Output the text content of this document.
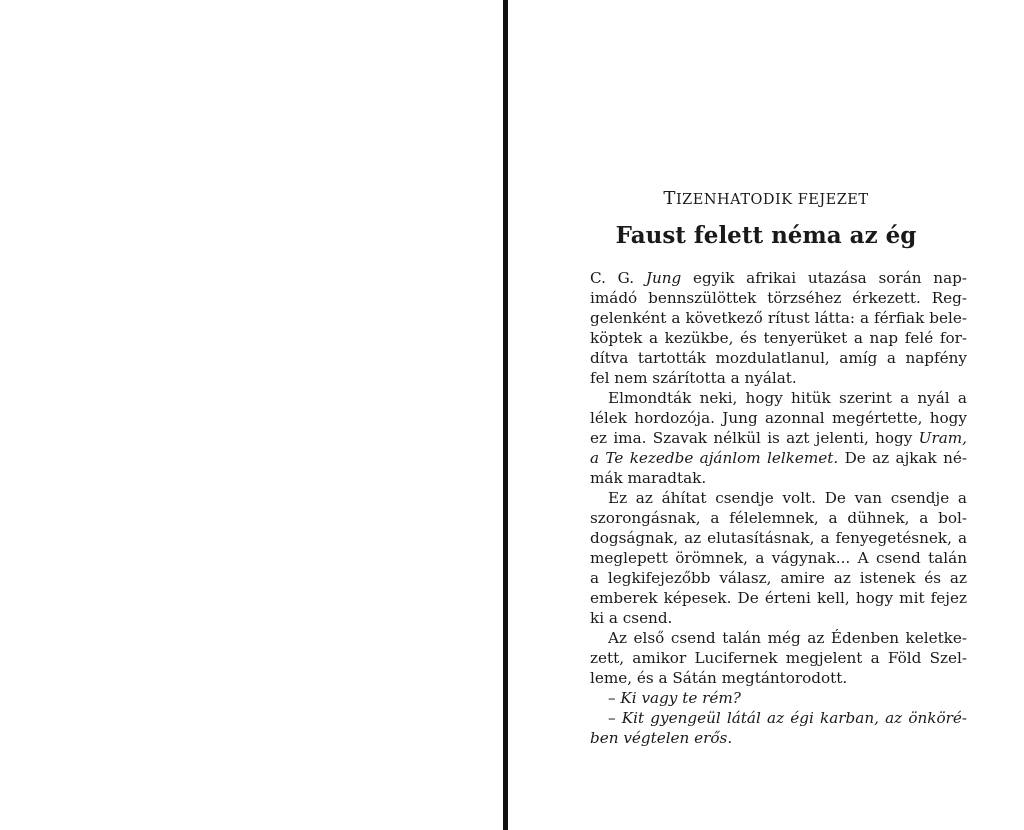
TIZENHATODIK FEJEZET
Faust felett néma az ég
C. G. Jung egyik afrikai utazása során nap-
imádó bennszülöttek törzséhez érkezett. Reg-
gelenként a következő rítust látta: a férfiak bele-
köptek a kezükbe, és tenyerüket a nap felé for-
dítva tartották mozdulatlanul, amíg a napfény
fel nem szárította a nyálat.
Elmondták neki, hogy hitük szerint a nyál a
lélek hordozója. Jung azonnal megértette, hogy
ez ima. Szavak nélkül is azt jelenti, hogy Uram,
a Te kezedbe ajánlom lelkemet. De az ajkak né-
mák maradtak.
Ez az áhítat csendje volt. De van csendje a
szorongásnak, a félelemnek, a dühnek, a bol-
dogságnak, az elutasításnak, a fenyegetésnek, a
meglepett örömnek, a vágynak... A csend talán
a legkifejezőbb válasz, amire az istenek és az
emberek képesek. De érteni kell, hogy mit fejez
ki a csend.
Az első csend talán még az Édenben keletke-
zett, amikor Lucifernek megjelent a Föld Szel-
leme, és a Sátán megtántorodott.
– Ki vagy te rém?
– Kit gyengeül látál az égi karban, az önköré-
ben végtelen erős.
